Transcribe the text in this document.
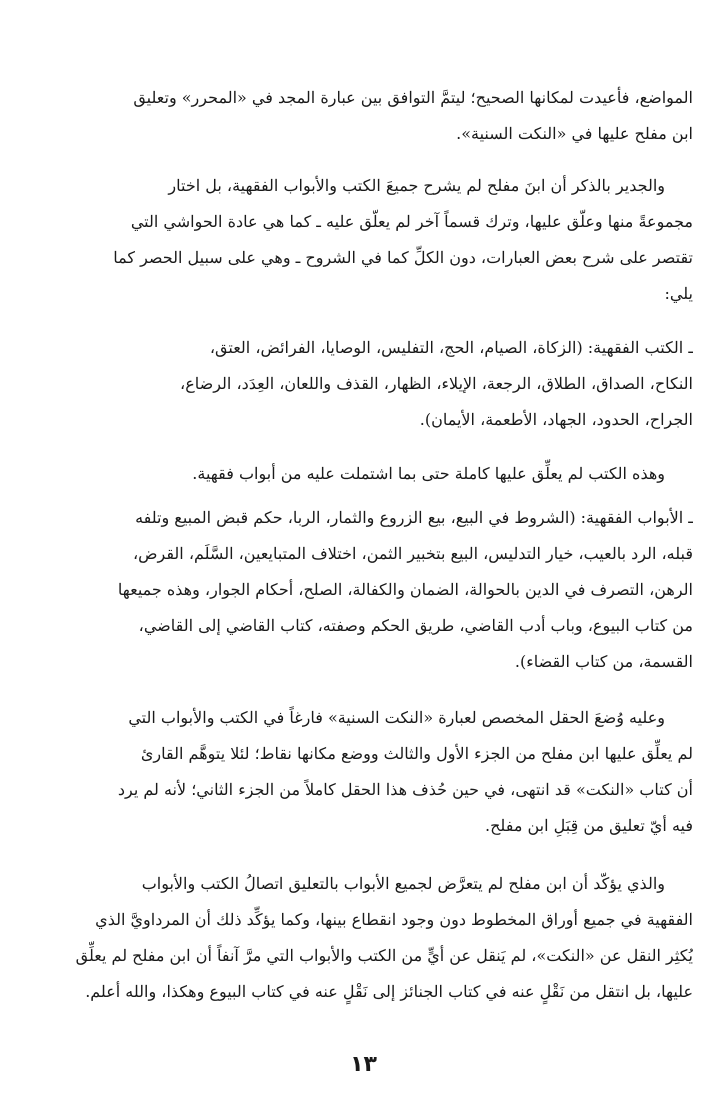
المواضع، فأعيدت لمكانها الصحيح؛ ليتمَّ التوافق بين عبارة المجد في «المحرر» وتعليق
ابن مفلح عليها في «النكت السنية».
والجدير بالذكر أن ابنَ مفلح لم يشرح جميعَ الكتب والأبواب الفقهية، بل اختار
مجموعةً منها وعلّق عليها، وترك قسماً آخر لم يعلّق عليه ـ كما هي عادة الحواشي التي
تقتصر على شرح بعض العبارات، دون الكلِّ كما في الشروح ـ وهي على سبيل الحصر كما
يلي:
ـ الكتب الفقهية: (الزكاة، الصيام، الحج، التفليس، الوصايا، الفرائض، العتق،
النكاح، الصداق، الطلاق، الرجعة، الإيلاء، الظهار، القذف واللعان، العِدَد، الرضاع،
الجراح، الحدود، الجهاد، الأطعمة، الأيمان).
وهذه الكتب لم يعلِّق عليها كاملة حتى بما اشتملت عليه من أبواب فقهية.
ـ الأبواب الفقهية: (الشروط في البيع، بيع الزروع والثمار، الربا، حكم قبض المبيع وتلفه
قبله، الرد بالعيب، خيار التدليس، البيع بتخبير الثمن، اختلاف المتبايعين، السَّلَم، القرض،
الرهن، التصرف في الدين بالحوالة، الضمان والكفالة، الصلح، أحكام الجوار، وهذه جميعها
من كتاب البيوع، وباب أدب القاضي، طريق الحكم وصفته، كتاب القاضي إلى القاضي،
القسمة، من كتاب القضاء).
وعليه وُضعَ الحقل المخصص لعبارة «النكت السنية» فارغاً في الكتب والأبواب التي
لم يعلِّق عليها ابن مفلح من الجزء الأول والثالث ووضع مكانها نقاط؛ لئلا يتوهَّم القارئ
أن كتاب «النكت» قد انتهى، في حين حُذف هذا الحقل كاملاً من الجزء الثاني؛ لأنه لم يرد
فيه أيّ تعليق من قِبَلِ ابن مفلح.
والذي يؤكّد أن ابن مفلح لم يتعرَّض لجميع الأبواب بالتعليق اتصالُ الكتب والأبواب
الفقهية في جميع أوراق المخطوط دون وجود انقطاع بينها، وكما يؤكِّد ذلك أن المرداويَّ الذي
يُكثِر النقل عن «النكت»، لم يَنقل عن أيٍّ من الكتب والأبواب التي مرَّ آنفاً أن ابن مفلح لم يعلِّق
عليها، بل انتقل من نَقْلٍ عنه في كتاب الجنائز إلى نَقْلٍ عنه في كتاب البيوع وهكذا، والله أعلم.
١٣
